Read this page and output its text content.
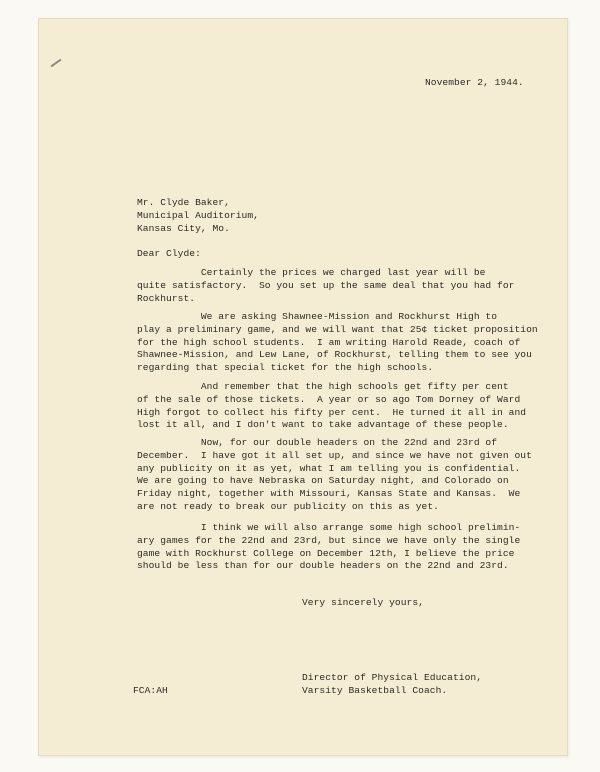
November 2, 1944.
Mr. Clyde Baker,
Municipal Auditorium,
Kansas City, Mo.
Dear Clyde:
Certainly the prices we charged last year will be
quite satisfactory.  So you set up the same deal that you had for
Rockhurst.
We are asking Shawnee-Mission and Rockhurst High to
play a preliminary game, and we will want that 25¢ ticket proposition
for the high school students.  I am writing Harold Reade, coach of
Shawnee-Mission, and Lew Lane, of Rockhurst, telling them to see you
regarding that special ticket for the high schools.
And remember that the high schools get fifty per cent
of the sale of those tickets.  A year or so ago Tom Dorney of Ward
High forgot to collect his fifty per cent.  He turned it all in and
lost it all, and I don't want to take advantage of these people.
Now, for our double headers on the 22nd and 23rd of
December.  I have got it all set up, and since we have not given out
any publicity on it as yet, what I am telling you is confidential.
We are going to have Nebraska on Saturday night, and Colorado on
Friday night, together with Missouri, Kansas State and Kansas.  We
are not ready to break our publicity on this as yet.
I think we will also arrange some high school prelimin-
ary games for the 22nd and 23rd, but since we have only the single
game with Rockhurst College on December 12th, I believe the price
should be less than for our double headers on the 22nd and 23rd.
Very sincerely yours,
Director of Physical Education,
Varsity Basketball Coach.
FCA:AH
